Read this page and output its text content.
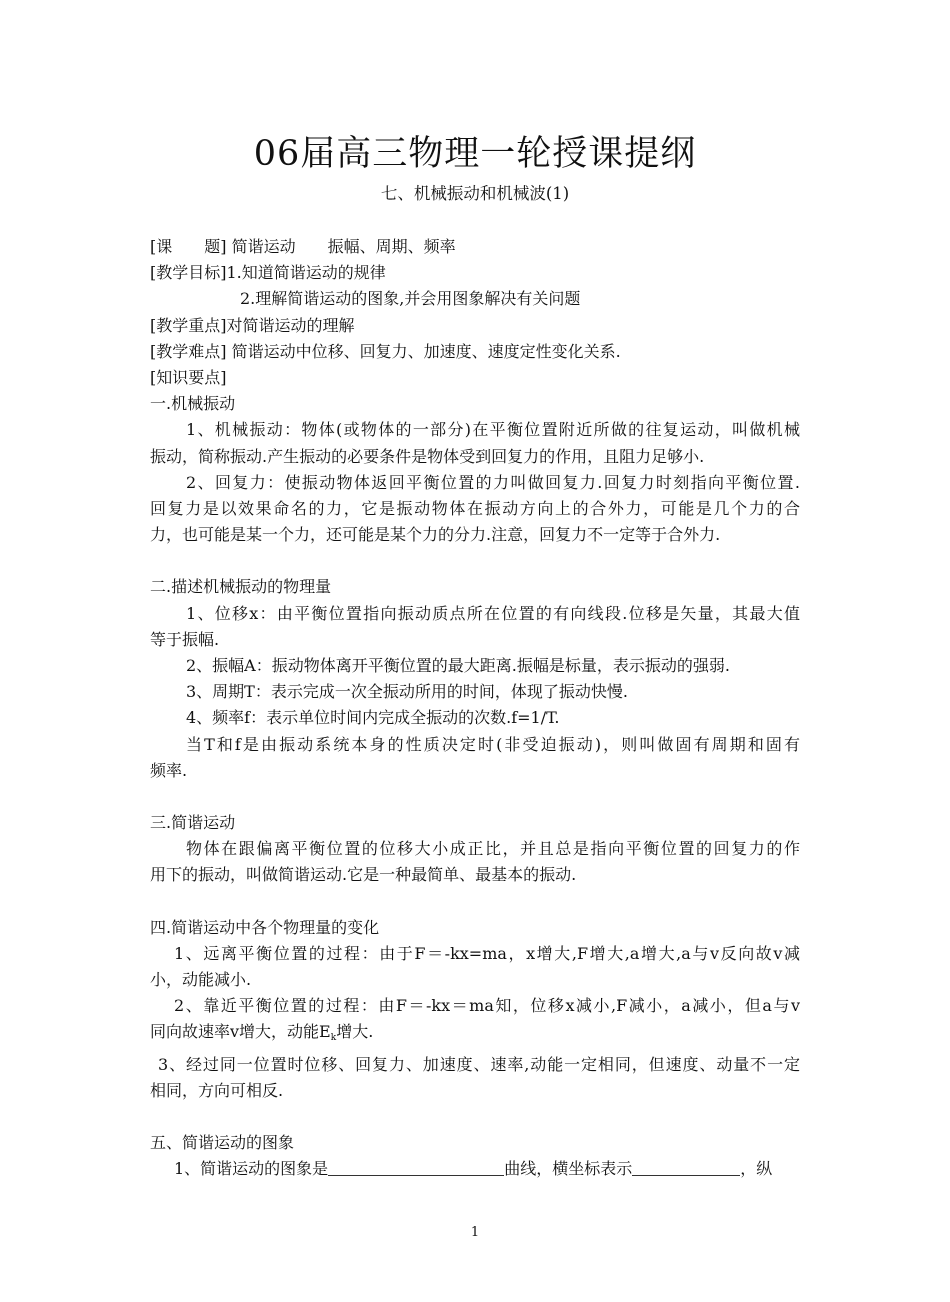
06届高三物理一轮授课提纲
七、机械振动和机械波(1)
[课　　题] 简谐运动　　振幅、周期、频率
[教学目标]1.知道简谐运动的规律
2.理解简谐运动的图象,并会用图象解决有关问题
[教学重点]对简谐运动的理解
[教学难点] 简谐运动中位移、回复力、加速度、速度定性变化关系.
[知识要点]
一.机械振动
1、机械振动：物体(或物体的一部分)在平衡位置附近所做的往复运动，叫做机械
振动，简称振动.产生振动的必要条件是物体受到回复力的作用，且阻力足够小.
2、回复力：使振动物体返回平衡位置的力叫做回复力.回复力时刻指向平衡位置.
回复力是以效果命名的力，它是振动物体在振动方向上的合外力，可能是几个力的合
力，也可能是某一个力，还可能是某个力的分力.注意，回复力不一定等于合外力.
二.描述机械振动的物理量
1、位移x：由平衡位置指向振动质点所在位置的有向线段.位移是矢量，其最大值
等于振幅.
2、振幅A：振动物体离开平衡位置的最大距离.振幅是标量，表示振动的强弱.
3、周期T：表示完成一次全振动所用的时间，体现了振动快慢.
4、频率f：表示单位时间内完成全振动的次数.f=1/T.
当T和f是由振动系统本身的性质决定时(非受迫振动)，则叫做固有周期和固有
频率.
三.简谐运动
物体在跟偏离平衡位置的位移大小成正比，并且总是指向平衡位置的回复力的作
用下的振动，叫做简谐运动.它是一种最简单、最基本的振动.
四.简谐运动中各个物理量的变化
1、远离平衡位置的过程：由于F＝-kx=ma，x增大,F增大,a增大,a与v反向故v减
小，动能减小.
2、靠近平衡位置的过程：由F＝-kx＝ma知，位移x减小,F减小，a减小，但a与v
同向故速率v增大，动能$E_k$增大.
3、经过同一位置时位移、回复力、加速度、速率,动能一定相同，但速度、动量不一定
相同，方向可相反.
五、简谐运动的图象
1、简谐运动的图象是	曲线，横坐标表示	，纵
1
